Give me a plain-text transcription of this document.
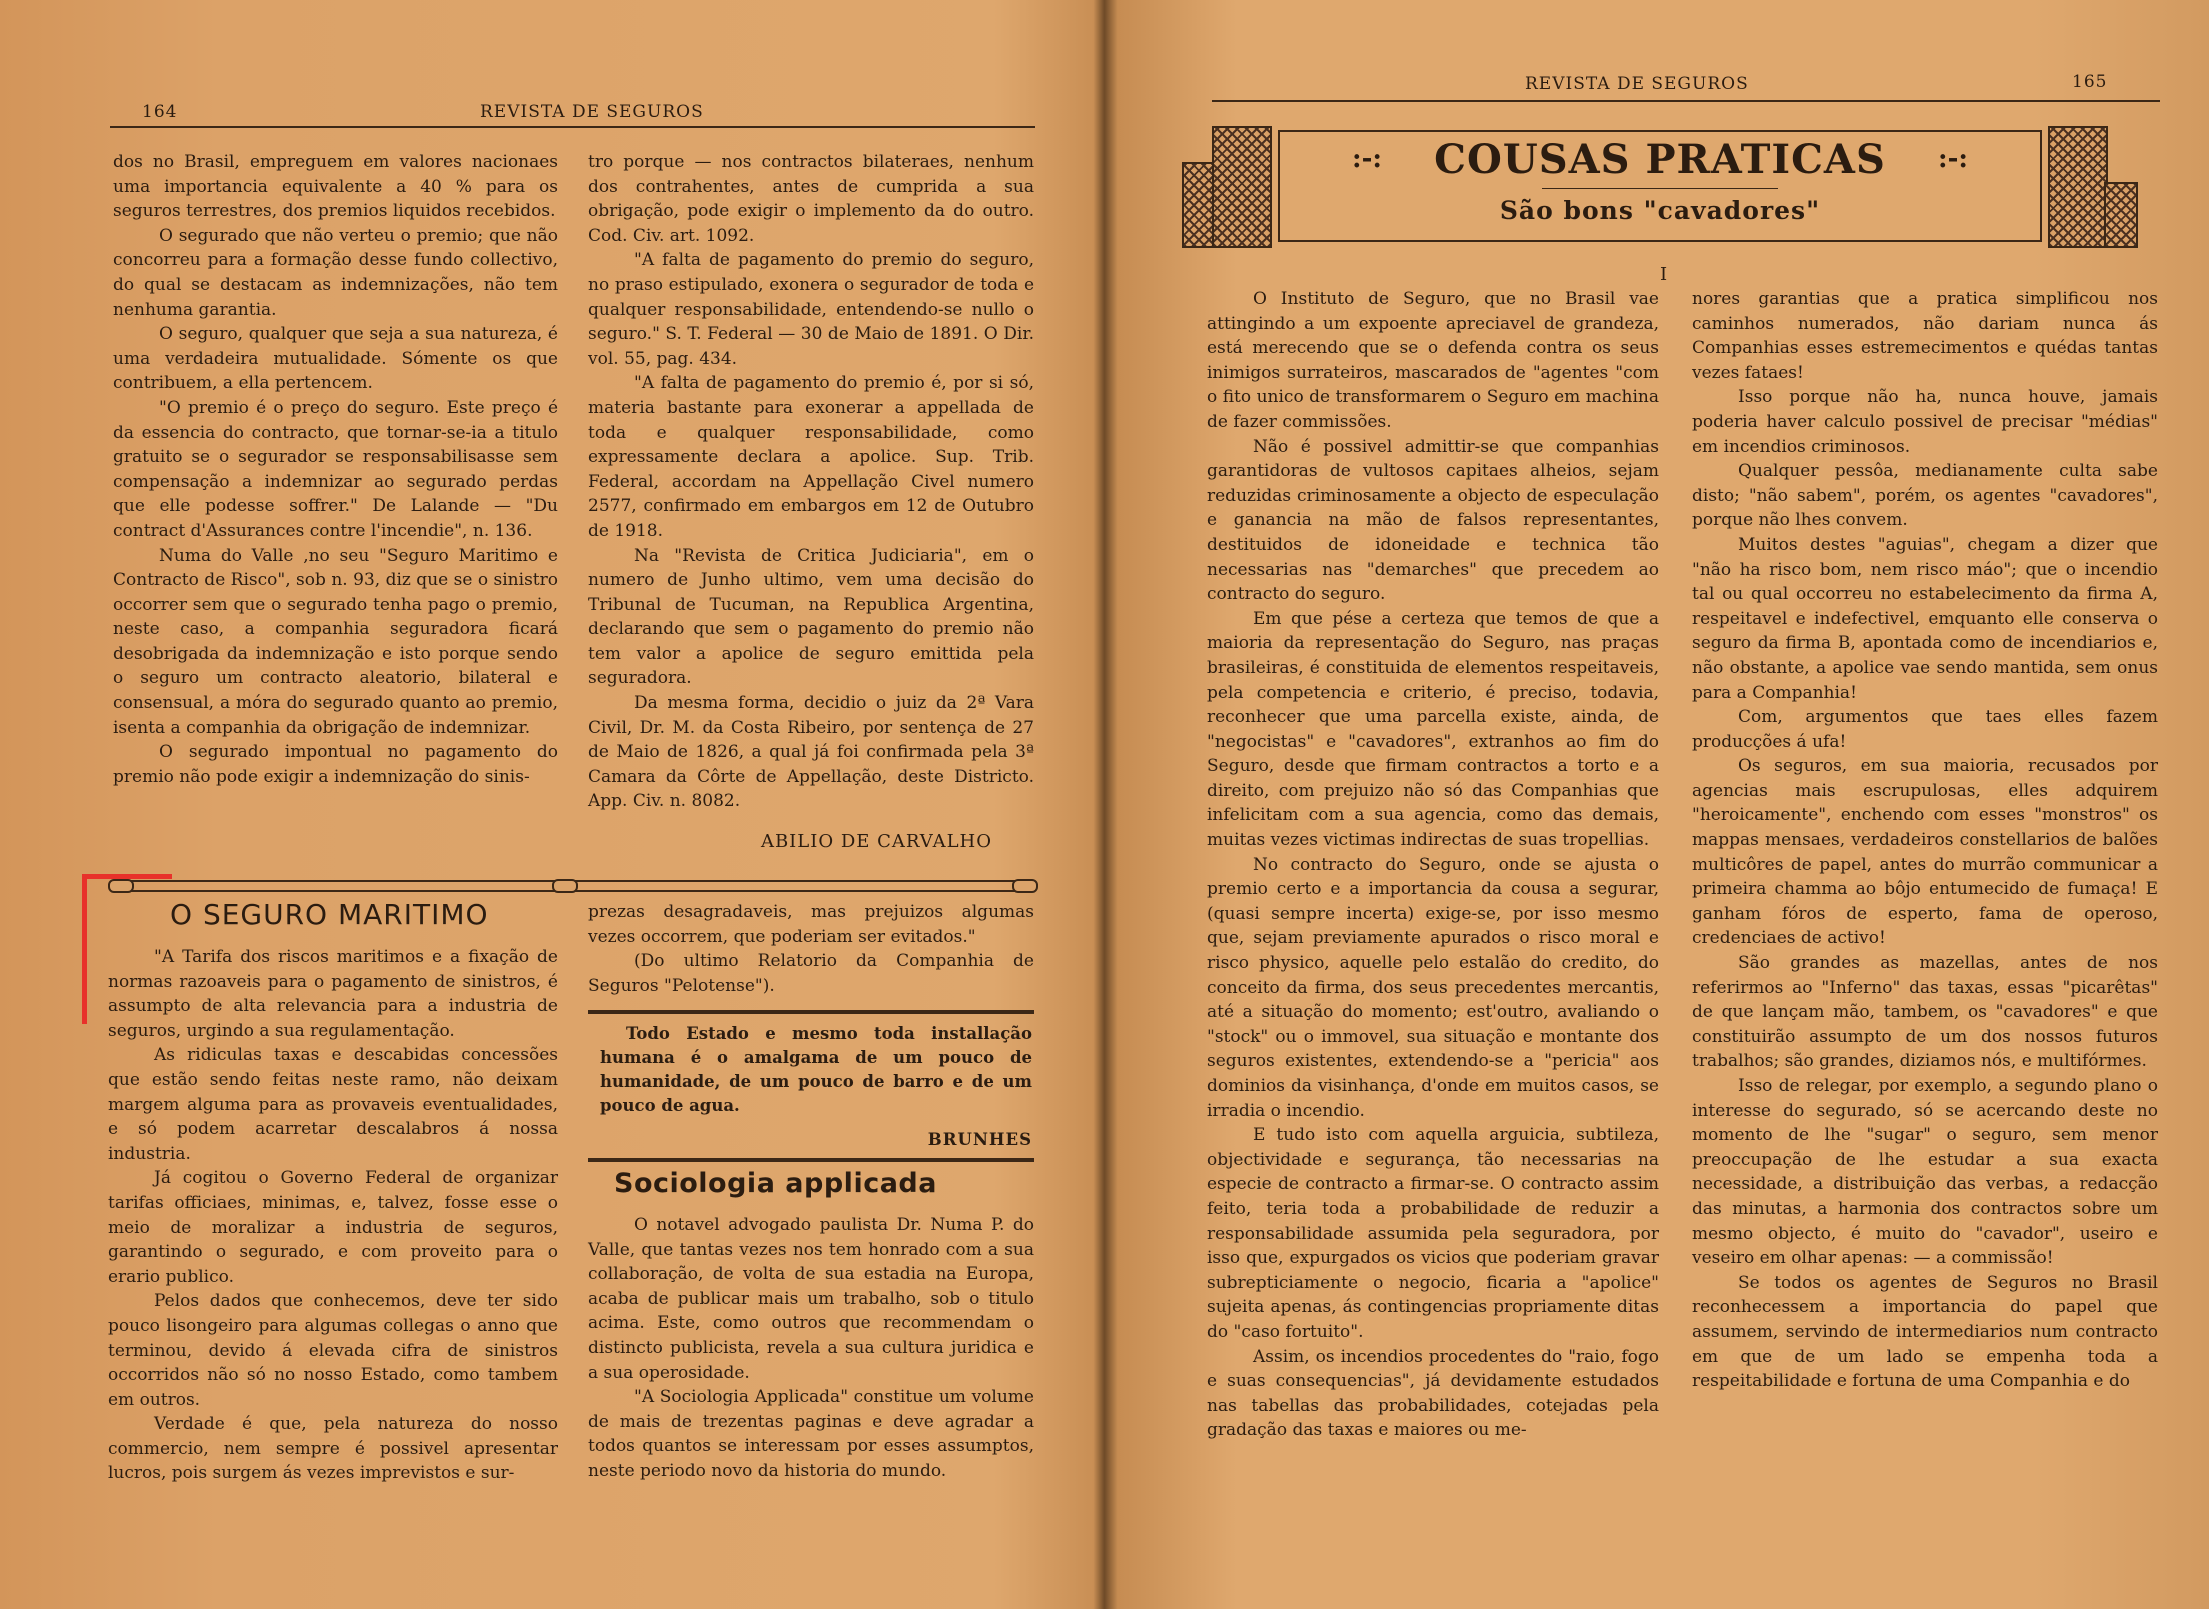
164	REVISTA DE SEGUROS

dos no Brasil, empreguem em valores nacionaes uma importancia equivalente a 40 % para os seguros terrestres, dos premios liquidos recebidos.

O segurado que não verteu o premio; que não concorreu para a formação desse fundo collectivo, do qual se destacam as indemnizações, não tem nenhuma garantia.

O seguro, qualquer que seja a sua natureza, é uma verdadeira mutualidade. Sómente os que contribuem, a ella pertencem.

"O premio é o preço do seguro. Este preço é da essencia do contracto, que tornar-se-ia a titulo gratuito se o segurador se responsabilisasse sem compensação a indemnizar ao segurado perdas que elle podesse soffrer." De Lalande — "Du contract d'Assurances contre l'incendie", n. 136.

Numa do Valle ,no seu "Seguro Maritimo e Contracto de Risco", sob n. 93, diz que se o sinistro occorrer sem que o segurado tenha pago o premio, neste caso, a companhia seguradora ficará desobrigada da indemnização e isto porque sendo o seguro um contracto aleatorio, bilateral e consensual, a móra do segurado quanto ao premio, isenta a companhia da obrigação de indemnizar.

O segurado impontual no pagamento do premio não pode exigir a indemnização do sinis-

tro porque — nos contractos bilateraes, nenhum dos contrahentes, antes de cumprida a sua obrigação, pode exigir o implemento da do outro. Cod. Civ. art. 1092.

"A falta de pagamento do premio do seguro, no praso estipulado, exonera o segurador de toda e qualquer responsabilidade, entendendo-se nullo o seguro." S. T. Federal — 30 de Maio de 1891. O Dir. vol. 55, pag. 434.

"A falta de pagamento do premio é, por si só, materia bastante para exonerar a appellada de toda e qualquer responsabilidade, como expressamente declara a apolice. Sup. Trib. Federal, accordam na Appellação Civel numero 2577, confirmado em embargos em 12 de Outubro de 1918.

Na "Revista de Critica Judiciaria", em o numero de Junho ultimo, vem uma decisão do Tribunal de Tucuman, na Republica Argentina, declarando que sem o pagamento do premio não tem valor a apolice de seguro emittida pela seguradora.

Da mesma forma, decidio o juiz da 2ª Vara Civil, Dr. M. da Costa Ribeiro, por sentença de 27 de Maio de 1826, a qual já foi confirmada pela 3ª Camara da Côrte de Appellação, deste Districto. App. Civ. n. 8082.

ABILIO DE CARVALHO
O SEGURO MARITIMO

"A Tarifa dos riscos maritimos e a fixação de normas razoaveis para o pagamento de sinistros, é assumpto de alta relevancia para a industria de seguros, urgindo a sua regulamentação.

As ridiculas taxas e descabidas concessões que estão sendo feitas neste ramo, não deixam margem alguma para as provaveis eventualidades, e só podem acarretar descalabros á nossa industria.

Já cogitou o Governo Federal de organizar tarifas officiaes, minimas, e, talvez, fosse esse o meio de moralizar a industria de seguros, garantindo o segurado, e com proveito para o erario publico.

Pelos dados que conhecemos, deve ter sido pouco lisongeiro para algumas collegas o anno que terminou, devido á elevada cifra de sinistros occorridos não só no nosso Estado, como tambem em outros.

Verdade é que, pela natureza do nosso commercio, nem sempre é possivel apresentar lucros, pois surgem ás vezes imprevistos e sur-

prezas desagradaveis, mas prejuizos algumas vezes occorrem, que poderiam ser evitados."

(Do ultimo Relatorio da Companhia de Seguros "Pelotense").

Todo Estado e mesmo toda installação humana é o amalgama de um pouco de humanidade, de um pouco de barro e de um pouco de agua.
BRUNHES
Sociologia applicada

O notavel advogado paulista Dr. Numa P. do Valle, que tantas vezes nos tem honrado com a sua collaboração, de volta de sua estadia na Europa, acaba de publicar mais um trabalho, sob o titulo acima. Este, como outros que recommendam o distincto publicista, revela a sua cultura juridica e a sua operosidade.

"A Sociologia Applicada" constitue um volume de mais de trezentas paginas e deve agradar a todos quantos se interessam por esses assumptos, neste periodo novo da historia do mundo.

REVISTA DE SEGUROS	165
:-:	COUSAS PRATICAS	:-:
São bons "cavadores"
I

O Instituto de Seguro, que no Brasil vae attingindo a um expoente apreciavel de grandeza, está merecendo que se o defenda contra os seus inimigos surrateiros, mascarados de "agentes "com o fito unico de transformarem o Seguro em machina de fazer commissões.

Não é possivel admittir-se que companhias garantidoras de vultosos capitaes alheios, sejam reduzidas criminosamente a objecto de especulação e ganancia na mão de falsos representantes, destituidos de idoneidade e technica tão necessarias nas "demarches" que precedem ao contracto do seguro.

Em que pése a certeza que temos de que a maioria da representação do Seguro, nas praças brasileiras, é constituida de elementos respeitaveis, pela competencia e criterio, é preciso, todavia, reconhecer que uma parcella existe, ainda, de "negocistas" e "cavadores", extranhos ao fim do Seguro, desde que firmam contractos a torto e a direito, com prejuizo não só das Companhias que infelicitam com a sua agencia, como das demais, muitas vezes victimas indirectas de suas tropellias.

No contracto do Seguro, onde se ajusta o premio certo e a importancia da cousa a segurar, (quasi sempre incerta) exige-se, por isso mesmo que, sejam previamente apurados o risco moral e risco physico, aquelle pelo estalão do credito, do conceito da firma, dos seus precedentes mercantis, até a situação do momento; est'outro, avaliando o "stock" ou o immovel, sua situação e montante dos seguros existentes, extendendo-se a "pericia" aos dominios da visinhança, d'onde em muitos casos, se irradia o incendio.

E tudo isto com aquella arguicia, subtileza, objectividade e segurança, tão necessarias na especie de contracto a firmar-se. O contracto assim feito, teria toda a probabilidade de reduzir a responsabilidade assumida pela seguradora, por isso que, expurgados os vicios que poderiam gravar subrepticiamente o negocio, ficaria a "apolice" sujeita apenas, ás contingencias propriamente ditas do "caso fortuito".

Assim, os incendios procedentes do "raio, fogo e suas consequencias", já devidamente estudados nas tabellas das probabilidades, cotejadas pela gradação das taxas e maiores ou me-

nores garantias que a pratica simplificou nos caminhos numerados, não dariam nunca ás Companhias esses estremecimentos e quédas tantas vezes fataes!

Isso porque não ha, nunca houve, jamais poderia haver calculo possivel de precisar "médias" em incendios criminosos.

Qualquer pessôa, medianamente culta sabe disto; "não sabem", porém, os agentes "cavadores", porque não lhes convem.

Muitos destes "aguias", chegam a dizer que "não ha risco bom, nem risco máo"; que o incendio tal ou qual occorreu no estabelecimento da firma A, respeitavel e indefectivel, emquanto elle conserva o seguro da firma B, apontada como de incendiarios e, não obstante, a apolice vae sendo mantida, sem onus para a Companhia!

Com, argumentos que taes elles fazem producções á ufa!

Os seguros, em sua maioria, recusados por agencias mais escrupulosas, elles adquirem "heroicamente", enchendo com esses "monstros" os mappas mensaes, verdadeiros constellarios de balões multicôres de papel, antes do murrão communicar a primeira chamma ao bôjo entumecido de fumaça! E ganham fóros de esperto, fama de operoso, credenciaes de activo!

São grandes as mazellas, antes de nos referirmos ao "Inferno" das taxas, essas "picarêtas" de que lançam mão, tambem, os "cavadores" e que constituirão assumpto de um dos nossos futuros trabalhos; são grandes, diziamos nós, e multifórmes.

Isso de relegar, por exemplo, a segundo plano o interesse do segurado, só se acercando deste no momento de lhe "sugar" o seguro, sem menor preoccupação de lhe estudar a sua exacta necessidade, a distribuição das verbas, a redacção das minutas, a harmonia dos contractos sobre um mesmo objecto, é muito do "cavador", useiro e veseiro em olhar apenas: — a commissão!

Se todos os agentes de Seguros no Brasil reconhecessem a importancia do papel que assumem, servindo de intermediarios num contracto em que de um lado se empenha toda a respeitabilidade e fortuna de uma Companhia e do
